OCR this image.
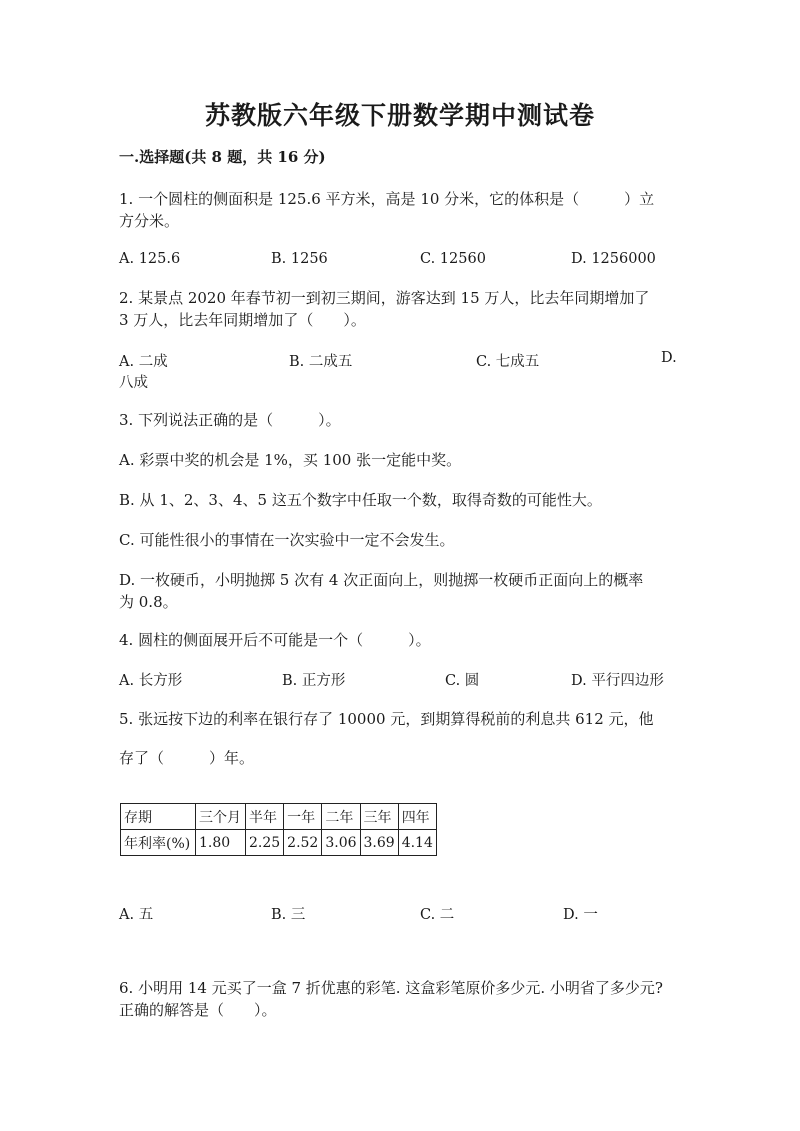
苏教版六年级下册数学期中测试卷
一.选择题(共 8 题，共 16 分)
1. 一个圆柱的侧面积是 125.6 平方米，高是 10 分米，它的体积是（　　　）立
方分米。
A. 125.6	B. 1256	C. 12560	D. 1256000
2. 某景点 2020 年春节初一到初三期间，游客达到 15 万人，比去年同期增加了
3 万人，比去年同期增加了（　　）。
A. 二成	B. 二成五	C. 七成五	D.
八成
3. 下列说法正确的是（　　　）。
A. 彩票中奖的机会是 1%，买 100 张一定能中奖。
B. 从 1、2、3、4、5 这五个数字中任取一个数，取得奇数的可能性大。
C. 可能性很小的事情在一次实验中一定不会发生。
D. 一枚硬币，小明抛掷 5 次有 4 次正面向上，则抛掷一枚硬币正面向上的概率
为 0.8。
4. 圆柱的侧面展开后不可能是一个（　　　）。
A. 长方形	B. 正方形	C. 圆	D. 平行四边形
5. 张远按下边的利率在银行存了 10000 元，到期算得税前的利息共 612 元，他
存了（　　　）年。
存期	三个月	半年	一年	二年	三年	四年
年利率(%)	1.80	2.25	2.52	3.06	3.69	4.14
A. 五	B. 三	C. 二	D. 一
6. 小明用 14 元买了一盒 7 折优惠的彩笔. 这盒彩笔原价多少元. 小明省了多少元?
正确的解答是（　　）。
